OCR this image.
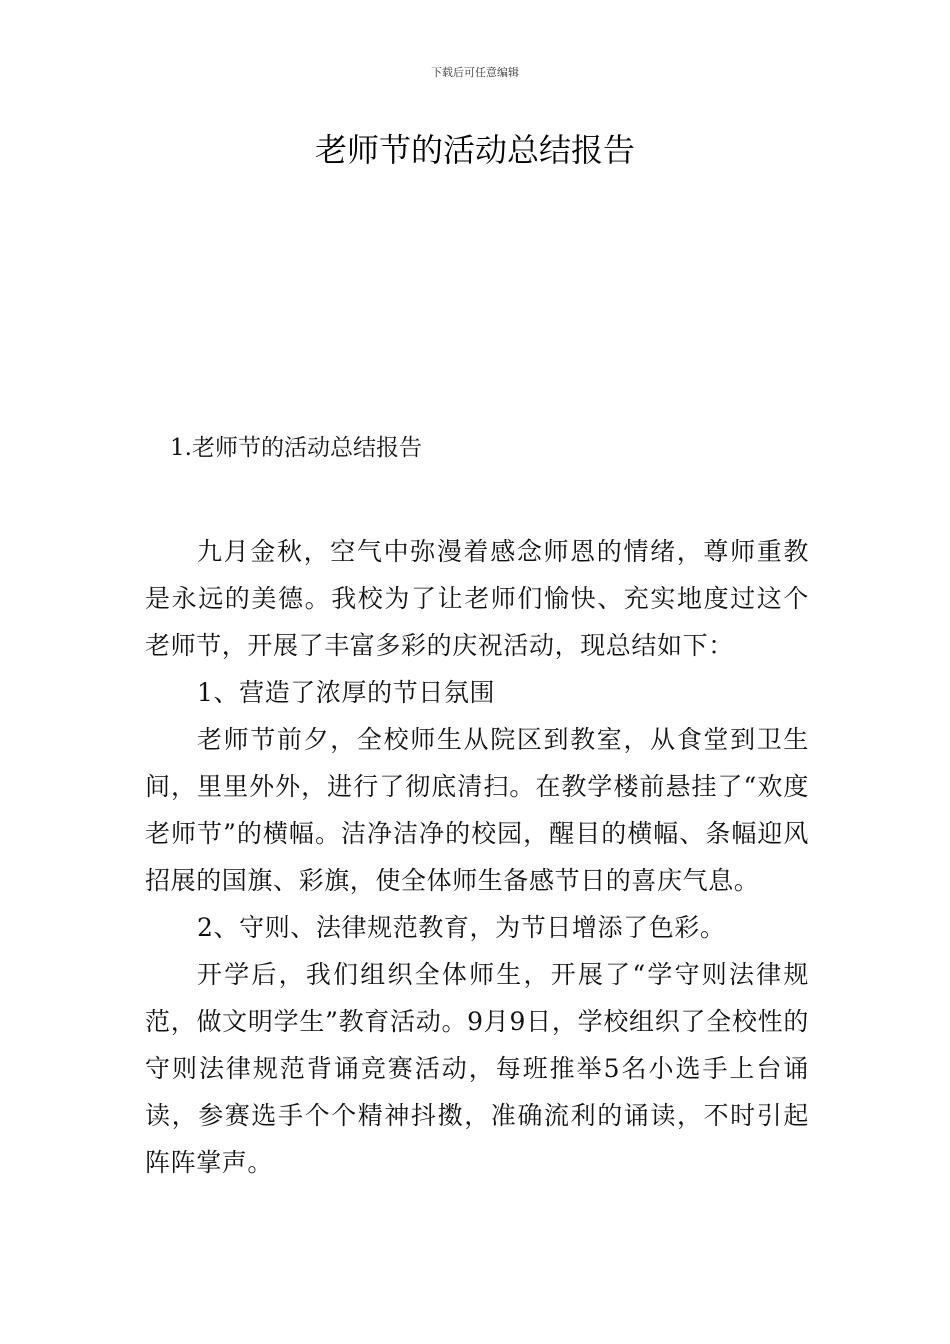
下载后可任意编辑
老师节的活动总结报告
1.老师节的活动总结报告

九月金秋，空气中弥漫着感念师恩的情绪，尊师重教是永远的美德。我校为了让老师们愉快、充实地度过这个老师节，开展了丰富多彩的庆祝活动，现总结如下：

1、营造了浓厚的节日氛围

老师节前夕，全校师生从院区到教室，从食堂到卫生间，里里外外，进行了彻底清扫。在教学楼前悬挂了“欢度老师节”的横幅。洁净洁净的校园，醒目的横幅、条幅迎风招展的国旗、彩旗，使全体师生备感节日的喜庆气息。

2、守则、法律规范教育，为节日增添了色彩。

开学后，我们组织全体师生，开展了“学守则法律规范，做文明学生”教育活动。9月9日，学校组织了全校性的守则法律规范背诵竞赛活动，每班推举5名小选手上台诵读，参赛选手个个精神抖擞，准确流利的诵读，不时引起阵阵掌声。
